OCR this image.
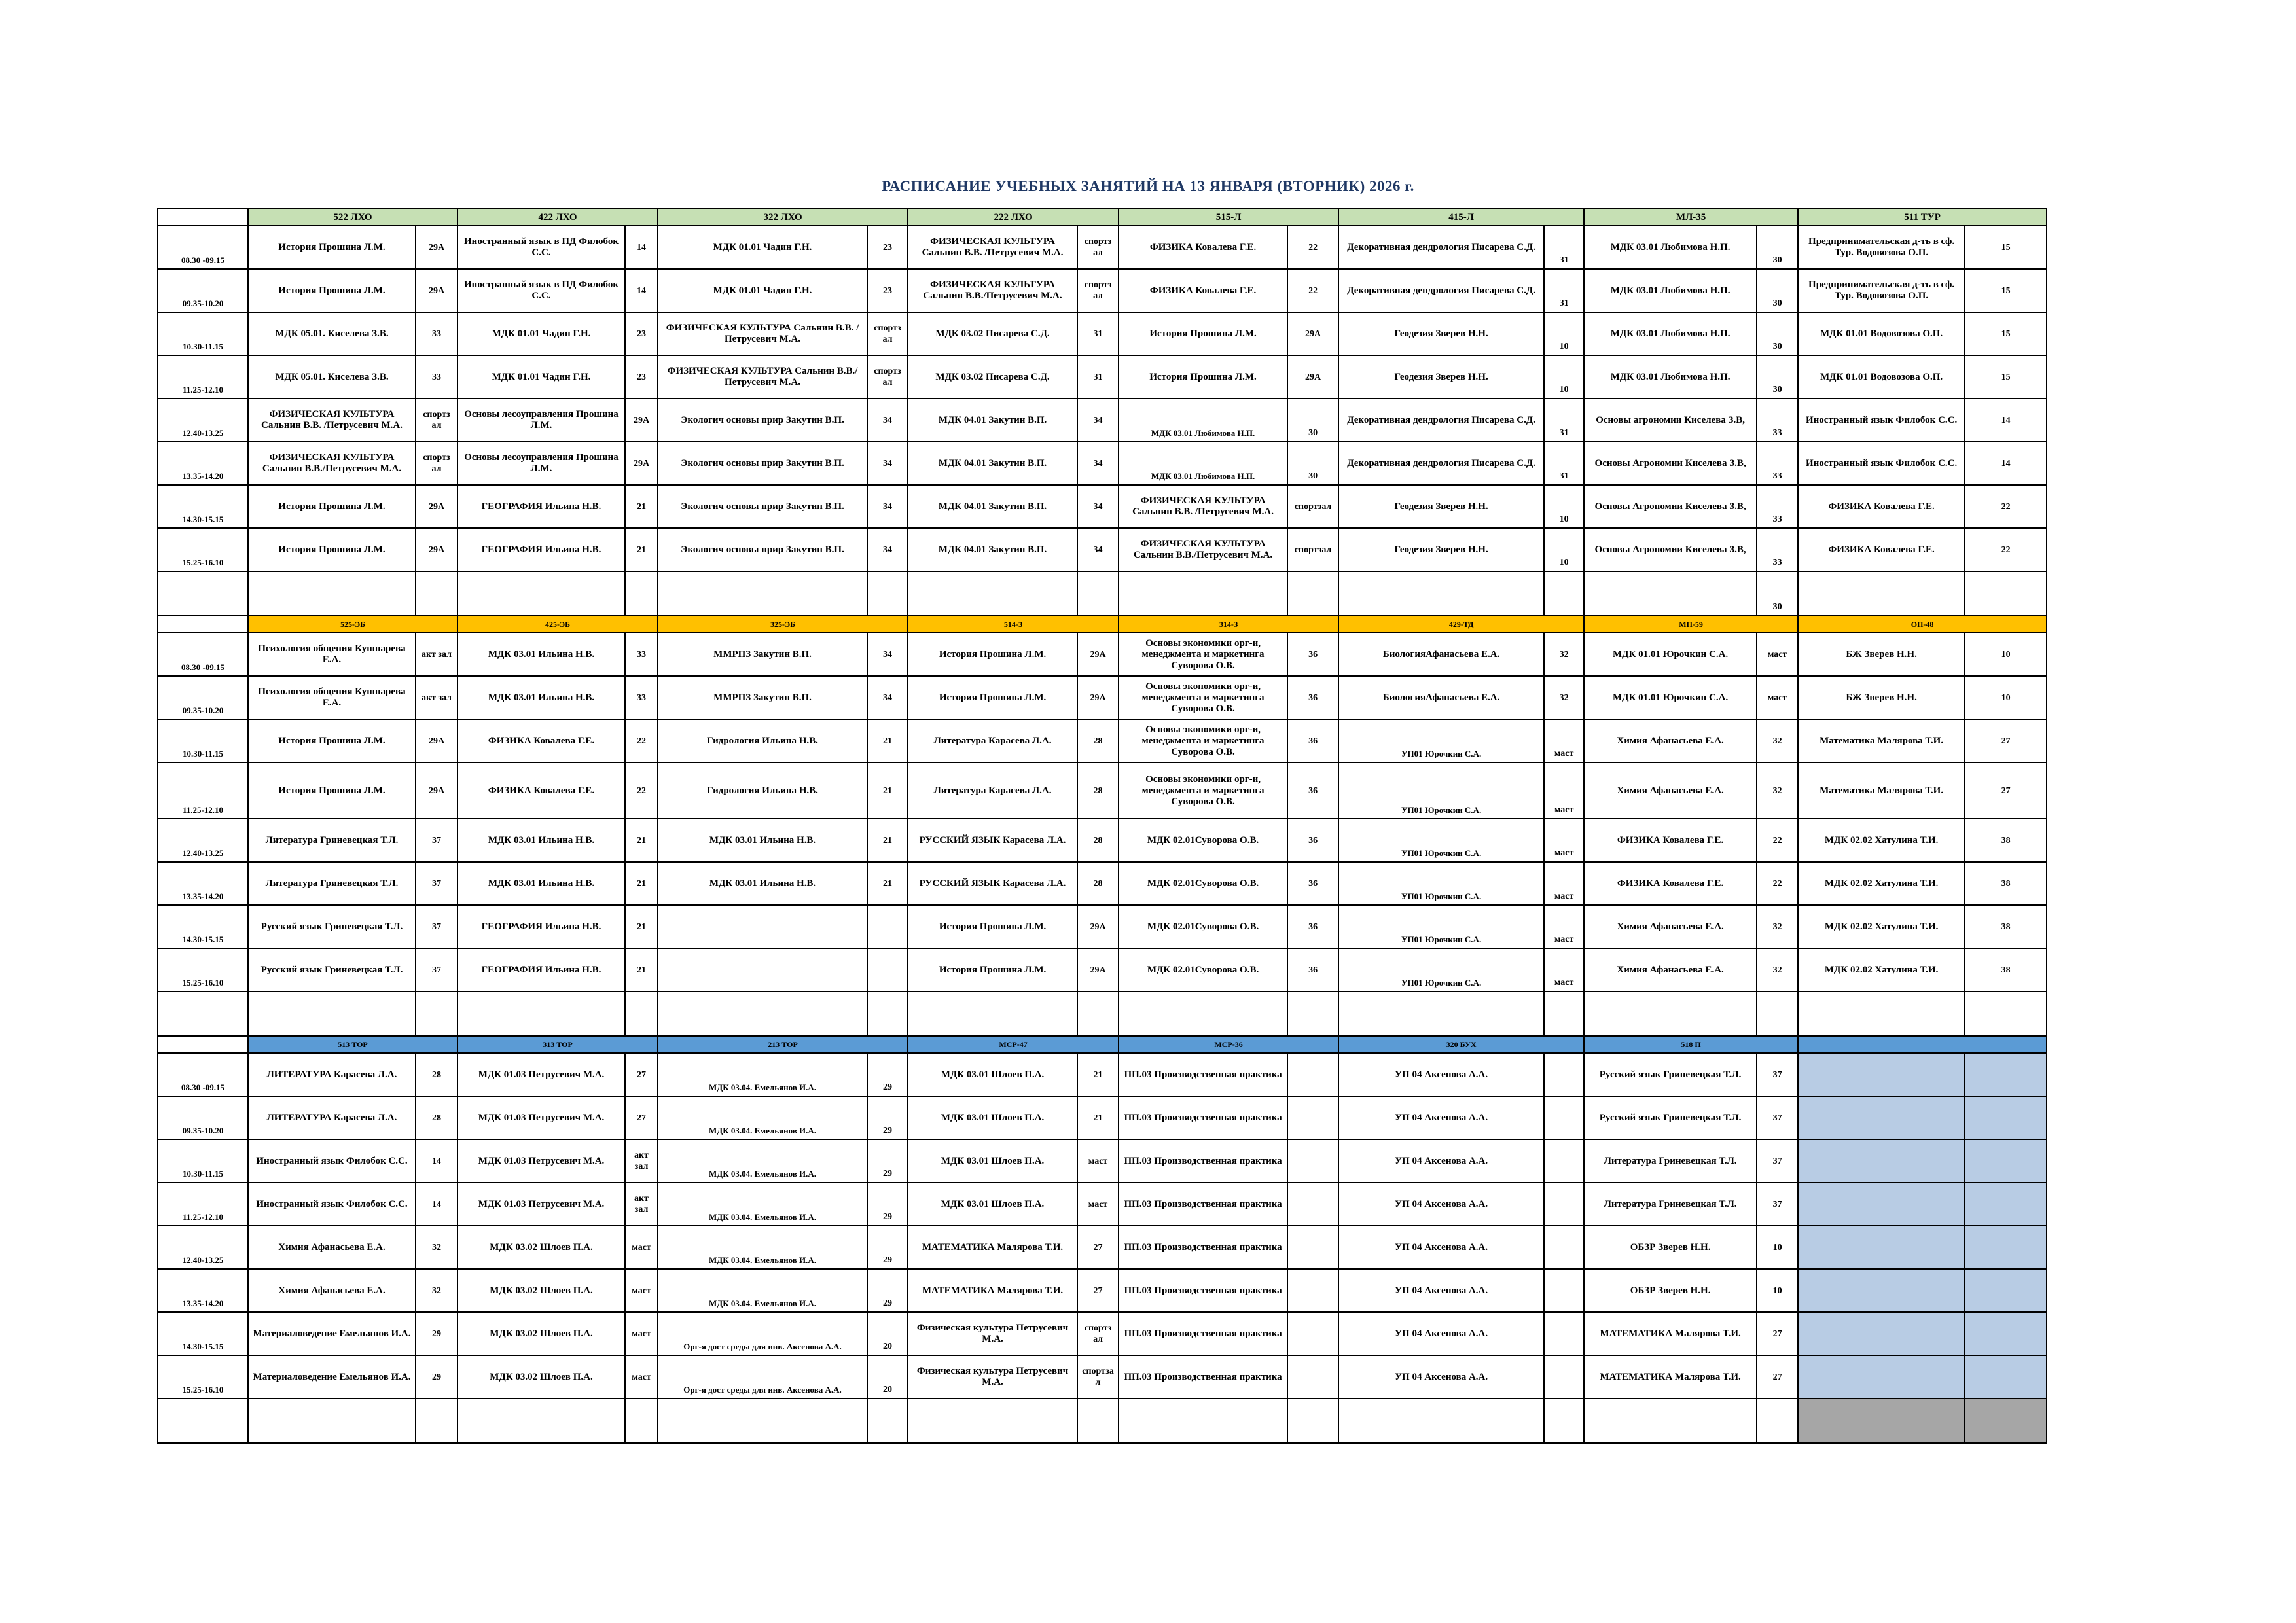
РАСПИСАНИЕ УЧЕБНЫХ ЗАНЯТИЙ НА 13 ЯНВАРЯ (ВТОРНИК) 2026 г.
	522 ЛХО		422 ЛХО		322 ЛХО		222 ЛХО		515-Л		415-Л		МЛ-35		511 ТУР	
08.30 -09.15	История Прошина Л.М.	29А	Иностранный язык в ПД Филобок С.С.	14	МДК 01.01 Чадин Г.Н.	23	ФИЗИЧЕСКАЯ КУЛЬТУРА Сальнин В.В. /Петрусевич М.А.	спортз ал	ФИЗИКА Ковалева Г.Е.	22	Декоративная дендрология Писарева С.Д.	31	МДК 03.01 Любимова Н.П.	30	Предпринимательская д-ть в сф. Тур. Водовозова О.П.	15
09.35-10.20	История Прошина Л.М.	29А	Иностранный язык в ПД Филобок С.С.	14	МДК 01.01 Чадин Г.Н.	23	ФИЗИЧЕСКАЯ КУЛЬТУРА Сальнин В.В./Петрусевич М.А.	спортз ал	ФИЗИКА Ковалева Г.Е.	22	Декоративная дендрология Писарева С.Д.	31	МДК 03.01 Любимова Н.П.	30	Предпринимательская д-ть в сф. Тур. Водовозова О.П.	15
10.30-11.15	МДК 05.01. Киселева З.В.	33	МДК 01.01 Чадин Г.Н.	23	ФИЗИЧЕСКАЯ КУЛЬТУРА Сальнин В.В. /Петрусевич М.А.	спортз ал	МДК 03.02 Писарева С.Д.	31	История Прошина Л.М.	29А	Геодезия Зверев Н.Н.	10	МДК 03.01 Любимова Н.П.	30	МДК 01.01 Водовозова О.П.	15
11.25-12.10	МДК 05.01. Киселева З.В.	33	МДК 01.01 Чадин Г.Н.	23	ФИЗИЧЕСКАЯ КУЛЬТУРА Сальнин В.В./Петрусевич М.А.	спортз ал	МДК 03.02 Писарева С.Д.	31	История Прошина Л.М.	29А	Геодезия Зверев Н.Н.	10	МДК 03.01 Любимова Н.П.	30	МДК 01.01 Водовозова О.П.	15
12.40-13.25	ФИЗИЧЕСКАЯ КУЛЬТУРА Сальнин В.В. /Петрусевич М.А.	спортз ал	Основы лесоуправления Прошина Л.М.	29А	Экологич основы прир Закутин В.П.	34	МДК 04.01 Закутин В.П.	34	МДК 03.01 Любимова Н.П.	30	Декоративная дендрология Писарева С.Д.	31	Основы агрономии Киселева З.В,	33	Иностранный язык Филобок С.С.	14
13.35-14.20	ФИЗИЧЕСКАЯ КУЛЬТУРА Сальнин В.В./Петрусевич М.А.	спортз ал	Основы лесоуправления Прошина Л.М.	29А	Экологич основы прир Закутин В.П.	34	МДК 04.01 Закутин В.П.	34	МДК 03.01 Любимова Н.П.	30	Декоративная дендрология Писарева С.Д.	31	Основы Агрономии Киселева З.В,	33	Иностранный язык Филобок С.С.	14
14.30-15.15	История Прошина Л.М.	29А	ГЕОГРАФИЯ Ильина Н.В.	21	Экологич основы прир Закутин В.П.	34	МДК 04.01 Закутин В.П.	34	ФИЗИЧЕСКАЯ КУЛЬТУРА Сальнин В.В. /Петрусевич М.А.	спортзал	Геодезия Зверев Н.Н.	10	Основы Агрономии Киселева З.В,	33	ФИЗИКА Ковалева Г.Е.	22
15.25-16.10	История Прошина Л.М.	29А	ГЕОГРАФИЯ Ильина Н.В.	21	Экологич основы прир Закутин В.П.	34	МДК 04.01 Закутин В.П.	34	ФИЗИЧЕСКАЯ КУЛЬТУРА Сальнин В.В./Петрусевич М.А.	спортзал	Геодезия Зверев Н.Н.	10	Основы Агрономии Киселева З.В,	33	ФИЗИКА Ковалева Г.Е.	22
														30		
	525-ЭБ		425-ЭБ		325-ЭБ		514-З		314-З		429-ТД		МП-59		ОП-48	
08.30 -09.15	Психология общения Кушнарева Е.А.	акт зал	МДК 03.01 Ильина Н.В.	33	ММРПЗ Закутин В.П.	34	История Прошина Л.М.	29А	Основы экономики орг-и, менеджмента и маркетинга Суворова О.В.	36	БиологияАфанасьева Е.А.	32	МДК 01.01 Юрочкин С.А.	маст	БЖ Зверев Н.Н.	10
09.35-10.20	Психология общения Кушнарева Е.А.	акт зал	МДК 03.01 Ильина Н.В.	33	ММРПЗ Закутин В.П.	34	История Прошина Л.М.	29А	Основы экономики орг-и, менеджмента и маркетинга Суворова О.В.	36	БиологияАфанасьева Е.А.	32	МДК 01.01 Юрочкин С.А.	маст	БЖ Зверев Н.Н.	10
10.30-11.15	История Прошина Л.М.	29А	ФИЗИКА Ковалева Г.Е.	22	Гидрология Ильина Н.В.	21	Литература Карасева Л.А.	28	Основы экономики орг-и, менеджмента и маркетинга Суворова О.В.	36	УП01 Юрочкин С.А.	маст	Химия Афанасьева Е.А.	32	Математика Малярова Т.И.	27
11.25-12.10	История Прошина Л.М.	29А	ФИЗИКА Ковалева Г.Е.	22	Гидрология Ильина Н.В.	21	Литература Карасева Л.А.	28	Основы экономики орг-и, менеджмента и маркетинга Суворова О.В.	36	УП01 Юрочкин С.А.	маст	Химия Афанасьева Е.А.	32	Математика Малярова Т.И.	27
12.40-13.25	Литература Гриневецкая Т.Л.	37	МДК 03.01 Ильина Н.В.	21	МДК 03.01 Ильина Н.В.	21	РУССКИЙ ЯЗЫК Карасева Л.А.	28	МДК 02.01Суворова О.В.	36	УП01 Юрочкин С.А.	маст	ФИЗИКА Ковалева Г.Е.	22	МДК 02.02 Хатулина Т.И.	38
13.35-14.20	Литература Гриневецкая Т.Л.	37	МДК 03.01 Ильина Н.В.	21	МДК 03.01 Ильина Н.В.	21	РУССКИЙ ЯЗЫК Карасева Л.А.	28	МДК 02.01Суворова О.В.	36	УП01 Юрочкин С.А.	маст	ФИЗИКА Ковалева Г.Е.	22	МДК 02.02 Хатулина Т.И.	38
14.30-15.15	Русский язык Гриневецкая Т.Л.	37	ГЕОГРАФИЯ Ильина Н.В.	21			История Прошина Л.М.	29А	МДК 02.01Суворова О.В.	36	УП01 Юрочкин С.А.	маст	Химия Афанасьева Е.А.	32	МДК 02.02 Хатулина Т.И.	38
15.25-16.10	Русский язык Гриневецкая Т.Л.	37	ГЕОГРАФИЯ Ильина Н.В.	21			История Прошина Л.М.	29А	МДК 02.01Суворова О.В.	36	УП01 Юрочкин С.А.	маст	Химия Афанасьева Е.А.	32	МДК 02.02 Хатулина Т.И.	38

	513 ТОР		313 ТОР		213 ТОР		МСР-47		МСР-36		320 БУХ		518 П			
08.30 -09.15	ЛИТЕРАТУРА Карасева Л.А.	28	МДК 01.03 Петрусевич М.А.	27	МДК 03.04. Емельянов И.А.	29	МДК 03.01 Шлоев П.А.	21	ПП.03 Производственная практика		УП 04 Аксенова А.А.		Русский язык Гриневецкая Т.Л.	37		
09.35-10.20	ЛИТЕРАТУРА Карасева Л.А.	28	МДК 01.03 Петрусевич М.А.	27	МДК 03.04. Емельянов И.А.	29	МДК 03.01 Шлоев П.А.	21	ПП.03 Производственная практика		УП 04 Аксенова А.А.		Русский язык Гриневецкая Т.Л.	37		
10.30-11.15	Иностранный язык Филобок С.С.	14	МДК 01.03 Петрусевич М.А.	акт зал	МДК 03.04. Емельянов И.А.	29	МДК 03.01 Шлоев П.А.	маст	ПП.03 Производственная практика		УП 04 Аксенова А.А.		Литература Гриневецкая Т.Л.	37		
11.25-12.10	Иностранный язык Филобок С.С.	14	МДК 01.03 Петрусевич М.А.	акт зал	МДК 03.04. Емельянов И.А.	29	МДК 03.01 Шлоев П.А.	маст	ПП.03 Производственная практика		УП 04 Аксенова А.А.		Литература Гриневецкая Т.Л.	37		
12.40-13.25	Химия Афанасьева Е.А.	32	МДК 03.02 Шлоев П.А.	маст	МДК 03.04. Емельянов И.А.	29	МАТЕМАТИКА Малярова Т.И.	27	ПП.03 Производственная практика		УП 04 Аксенова А.А.		ОБЗР Зверев Н.Н.	10		
13.35-14.20	Химия Афанасьева Е.А.	32	МДК 03.02 Шлоев П.А.	маст	МДК 03.04. Емельянов И.А.	29	МАТЕМАТИКА Малярова Т.И.	27	ПП.03 Производственная практика		УП 04 Аксенова А.А.		ОБЗР Зверев Н.Н.	10		
14.30-15.15	Материаловедение Емельянов И.А.	29	МДК 03.02 Шлоев П.А.	маст	Орг-я дост среды для инв. Аксенова А.А.	20	Физическая культура Петрусевич М.А.	спортз ал	ПП.03 Производственная практика		УП 04 Аксенова А.А.		МАТЕМАТИКА Малярова Т.И.	27		
15.25-16.10	Материаловедение Емельянов И.А.	29	МДК 03.02 Шлоев П.А.	маст	Орг-я дост среды для инв. Аксенова А.А.	20	Физическая культура Петрусевич М.А.	спортза л	ПП.03 Производственная практика		УП 04 Аксенова А.А.		МАТЕМАТИКА Малярова Т.И.	27		
